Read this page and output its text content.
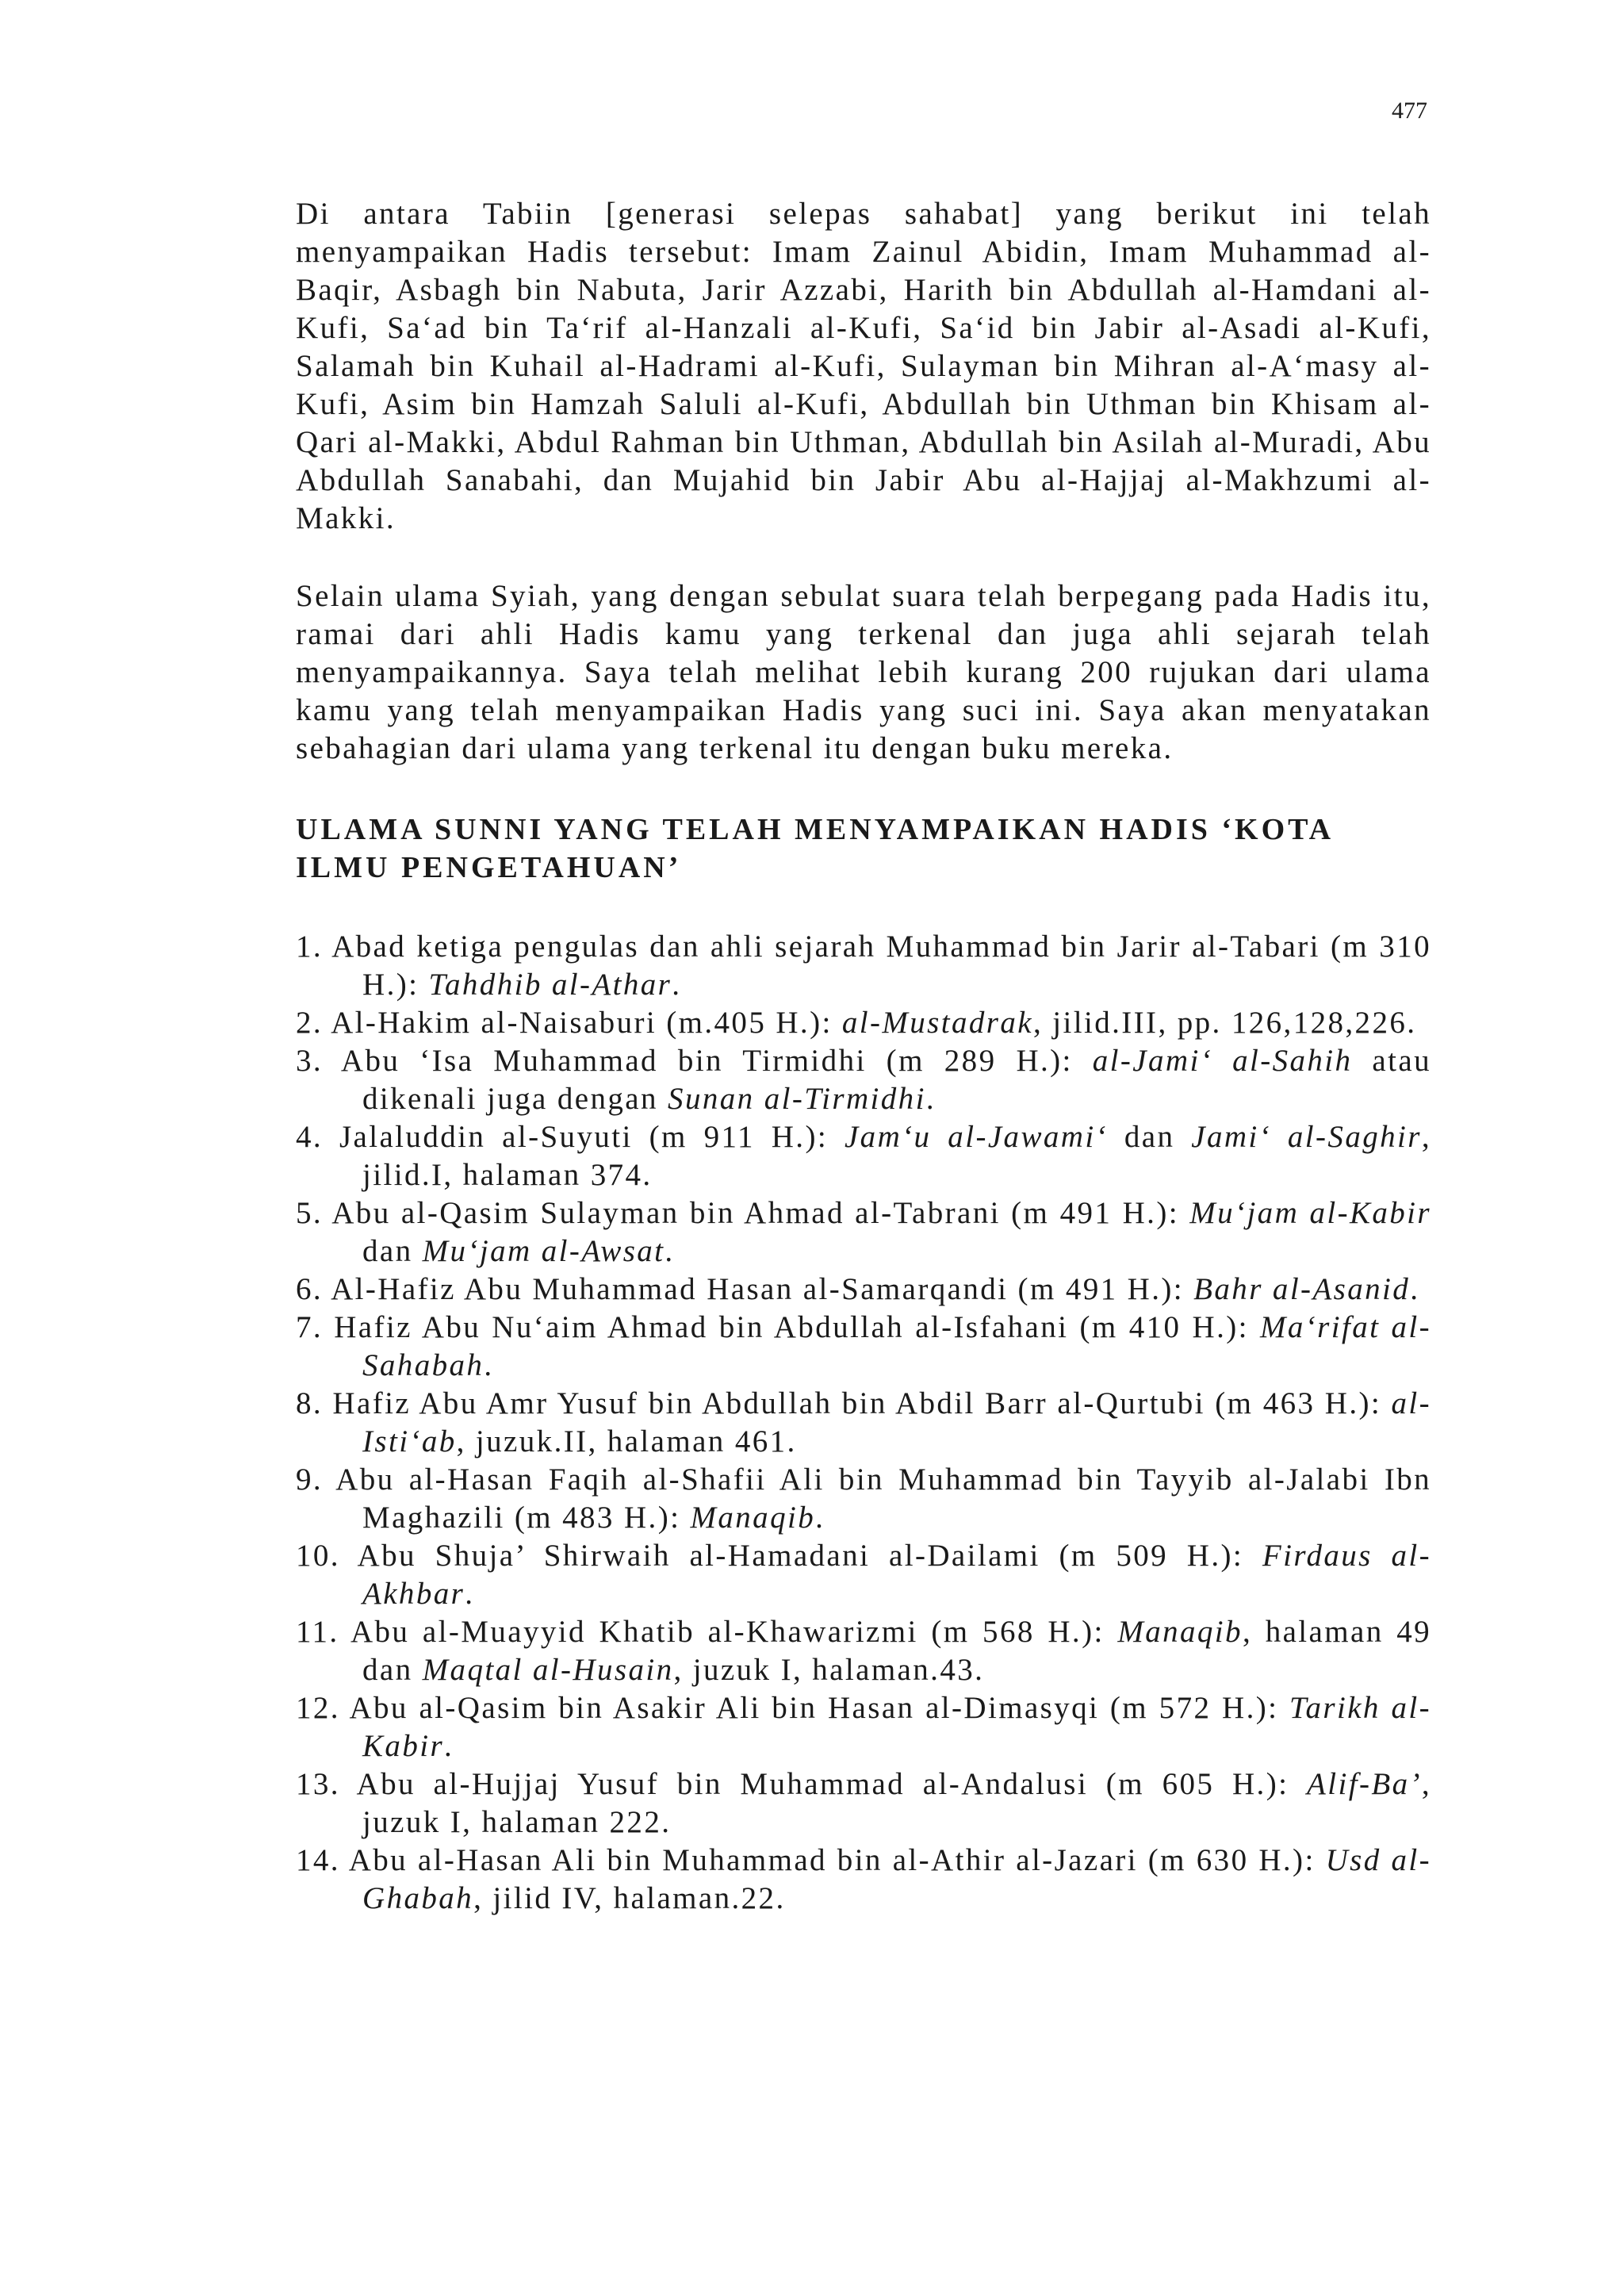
477

Di antara Tabiin [generasi selepas sahabat] yang berikut ini telah menyampaikan Hadis tersebut: Imam Zainul Abidin, Imam Muhammad al-Baqir, Asbagh bin Nabuta, Jarir Azzabi, Harith bin Abdullah al-Hamdani al-Kufi, Sa‘ad bin Ta‘rif al-Hanzali al-Kufi, Sa‘id bin Jabir al-Asadi al-Kufi, Salamah bin Kuhail al-Hadrami al-Kufi, Sulayman bin Mihran al-A‘masy al-Kufi, Asim bin Hamzah Saluli al-Kufi, Abdullah bin Uthman bin Khisam al-Qari al-Makki, Abdul Rahman bin Uthman, Abdullah bin Asilah al-Muradi, Abu Abdullah Sanabahi, dan Mujahid bin Jabir Abu al-Hajjaj al-Makhzumi al-Makki.

Selain ulama Syiah, yang dengan sebulat suara telah berpegang pada Hadis itu, ramai dari ahli Hadis kamu yang terkenal dan juga ahli sejarah telah menyampaikannya. Saya telah melihat lebih kurang 200 rujukan dari ulama kamu yang telah menyampaikan Hadis yang suci ini. Saya akan menyatakan sebahagian dari ulama yang terkenal itu dengan buku mereka.

ULAMA SUNNI YANG TELAH MENYAMPAIKAN HADIS ‘KOTA
ILMU PENGETAHUAN’
1. Abad ketiga pengulas dan ahli sejarah Muhammad bin Jarir al-Tabari (m 310 H.): Tahdhib al-Athar.
2. Al-Hakim al-Naisaburi (m.405 H.): al-Mustadrak, jilid.III, pp. 126,128,226.
3. Abu ‘Isa Muhammad bin Tirmidhi (m 289 H.): al-Jami‘ al-Sahih atau dikenali juga dengan Sunan al-Tirmidhi.
4. Jalaluddin al-Suyuti (m 911 H.): Jam‘u al-Jawami‘ dan Jami‘ al-Saghir, jilid.I, halaman 374.
5. Abu al-Qasim Sulayman bin Ahmad al-Tabrani (m 491 H.): Mu‘jam al-Kabir dan Mu‘jam al-Awsat.
6. Al-Hafiz Abu Muhammad Hasan al-Samarqandi (m 491 H.): Bahr al-Asanid.
7. Hafiz Abu Nu‘aim Ahmad bin Abdullah al-Isfahani (m 410 H.): Ma‘rifat al-Sahabah.
8. Hafiz Abu Amr Yusuf bin Abdullah bin Abdil Barr al-Qurtubi (m 463 H.): al-Isti‘ab, juzuk.II, halaman 461.
9. Abu al-Hasan Faqih al-Shafii Ali bin Muhammad bin Tayyib al-Jalabi Ibn Maghazili (m 483 H.): Manaqib.
10. Abu Shuja’ Shirwaih al-Hamadani al-Dailami (m 509 H.): Firdaus al-Akhbar.
11. Abu al-Muayyid Khatib al-Khawarizmi (m 568 H.): Manaqib, halaman 49 dan Maqtal al-Husain, juzuk I, halaman.43.
12. Abu al-Qasim bin Asakir Ali bin Hasan al-Dimasyqi (m 572 H.): Tarikh al-Kabir.
13. Abu al-Hujjaj Yusuf bin Muhammad al-Andalusi (m 605 H.): Alif-Ba’, juzuk I, halaman 222.
14. Abu al-Hasan Ali bin Muhammad bin al-Athir al-Jazari (m 630 H.): Usd al-Ghabah, jilid IV, halaman.22.
